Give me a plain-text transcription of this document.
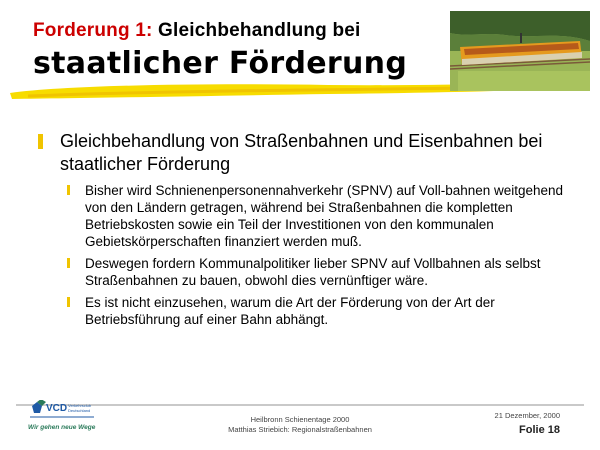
Forderung 1: Gleichbehandlung bei
staatlicher Förderung
Gleichbehandlung von Straßenbahnen und Eisenbahnen bei staatlicher Förderung
Bisher wird Schnienenpersonennahverkehr (SPNV) auf Voll-bahnen weitgehend von den Ländern getragen, während bei Straßenbahnen die kompletten Betriebskosten sowie ein Teil der Investitionen von den kommunalen Gebietskörperschaften finanziert werden muß.
Deswegen fordern Kommunalpolitiker lieber SPNV auf Vollbahnen als selbst Straßenbahnen zu bauen, obwohl dies vernünftiger wäre.
Es ist nicht einzusehen, warum die Art der Förderung von der Art der Betriebsführung auf einer Bahn abhängt.
VCD Verkehrsclub
Deutschland
Wir gehen neue Wege
Heilbronn Schienentage 2000
Matthias Striebich: Regionalstraßenbahnen
21 Dezember, 2000
Folie 18
